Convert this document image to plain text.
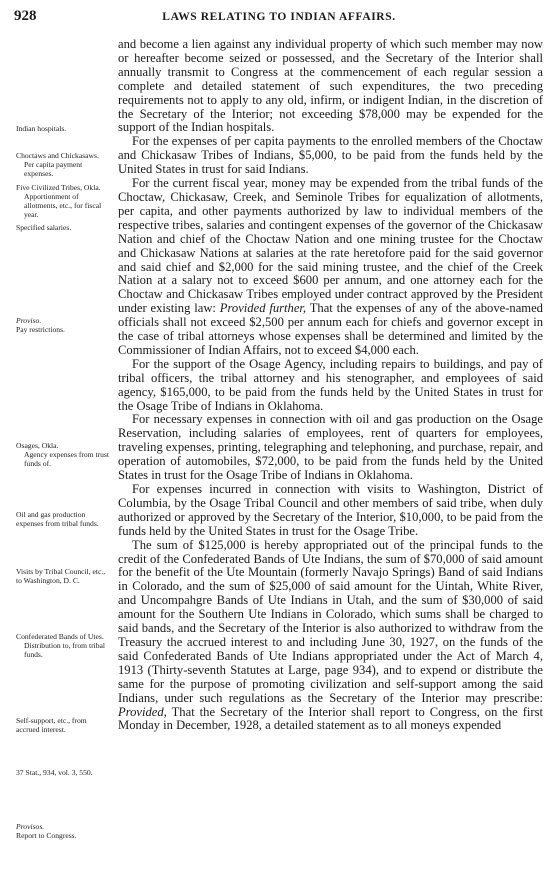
928	LAWS RELATING TO INDIAN AFFAIRS.
Indian hospitals.
Choctaws and Chickasaws.
Per capita payment expenses.
Five Civilized Tribes, Okla.
Apportionment of allotments, etc., for fiscal year.
Specified salaries.
Proviso.
Pay restrictions.
Osages, Okla.
Agency expenses from trust funds of.
Oil and gas production expenses from tribal funds.
Visits by Tribal Council, etc., to Washington, D. C.
Confederated Bands of Utes.
Distribution to, from tribal funds.
Self-support, etc., from accrued interest.
37 Stat., 934, vol. 3, 550.
Provisos.
Report to Congress.

and become a lien against any individual property of which such member may now or hereafter become seized or possessed, and the Secretary of the Interior shall annually transmit to Congress at the commencement of each regular session a complete and detailed statement of such expenditures, the two preceding requirements not to apply to any old, infirm, or indigent Indian, in the discretion of the Secretary of the Interior; not exceeding $78,000 may be expended for the support of the Indian hospitals.

For the expenses of per capita payments to the enrolled members of the Choctaw and Chickasaw Tribes of Indians, $5,000, to be paid from the funds held by the United States in trust for said Indians.

For the current fiscal year, money may be expended from the tribal funds of the Choctaw, Chickasaw, Creek, and Seminole Tribes for equalization of allotments, per capita, and other payments authorized by law to individual members of the respective tribes, salaries and contingent expenses of the governor of the Chickasaw Nation and chief of the Choctaw Nation and one mining trustee for the Choctaw and Chickasaw Nations at salaries at the rate heretofore paid for the said governor and said chief and $2,000 for the said mining trustee, and the chief of the Creek Nation at a salary not to exceed $600 per annum, and one attorney each for the Choctaw and Chickasaw Tribes employed under contract approved by the President under existing law: Provided further, That the expenses of any of the above-named officials shall not exceed $2,500 per annum each for chiefs and governor except in the case of tribal attorneys whose expenses shall be determined and limited by the Commissioner of Indian Affairs, not to exceed $4,000 each.

For the support of the Osage Agency, including repairs to buildings, and pay of tribal officers, the tribal attorney and his stenographer, and employees of said agency, $165,000, to be paid from the funds held by the United States in trust for the Osage Tribe of Indians in Oklahoma.

For necessary expenses in connection with oil and gas production on the Osage Reservation, including salaries of employees, rent of quarters for employees, traveling expenses, printing, telegraphing and telephoning, and purchase, repair, and operation of automobiles, $72,000, to be paid from the funds held by the United States in trust for the Osage Tribe of Indians in Oklahoma.

For expenses incurred in connection with visits to Washington, District of Columbia, by the Osage Tribal Council and other members of said tribe, when duly authorized or approved by the Secretary of the Interior, $10,000, to be paid from the funds held by the United States in trust for the Osage Tribe.

The sum of $125,000 is hereby appropriated out of the principal funds to the credit of the Confederated Bands of Ute Indians, the sum of $70,000 of said amount for the benefit of the Ute Mountain (formerly Navajo Springs) Band of said Indians in Colorado, and the sum of $25,000 of said amount for the Uintah, White River, and Uncompahgre Bands of Ute Indians in Utah, and the sum of $30,000 of said amount for the Southern Ute Indians in Colorado, which sums shall be charged to said bands, and the Secretary of the Interior is also authorized to withdraw from the Treasury the accrued interest to and including June 30, 1927, on the funds of the said Confederated Bands of Ute Indians appropriated under the Act of March 4, 1913 (Thirty-seventh Statutes at Large, page 934), and to expend or distribute the same for the purpose of promoting civilization and self-support among the said Indians, under such regulations as the Secretary of the Interior may prescribe: Provided, That the Secretary of the Interior shall report to Congress, on the first Monday in December, 1928, a detailed statement as to all moneys expended
